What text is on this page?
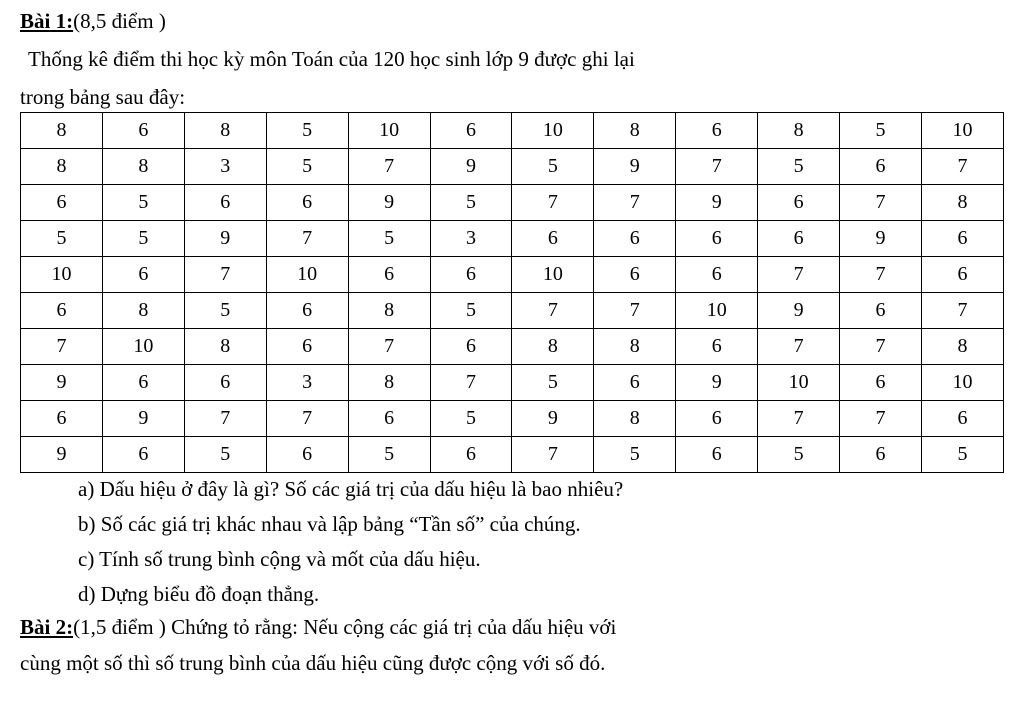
Bài 1:(8,5 điểm )
Thống kê điểm thi học kỳ môn Toán của 120 học sinh lớp 9 được ghi lại
trong bảng sau đây:
8	6	8	5	10	6	10	8	6	8	5	10
8	8	3	5	7	9	5	9	7	5	6	7
6	5	6	6	9	5	7	7	9	6	7	8
5	5	9	7	5	3	6	6	6	6	9	6
10	6	7	10	6	6	10	6	6	7	7	6
6	8	5	6	8	5	7	7	10	9	6	7
7	10	8	6	7	6	8	8	6	7	7	8
9	6	6	3	8	7	5	6	9	10	6	10
6	9	7	7	6	5	9	8	6	7	7	6
9	6	5	6	5	6	7	5	6	5	6	5
a) Dấu hiệu ở đây là gì? Số các giá trị của dấu hiệu là bao nhiêu?
b) Số các giá trị khác nhau và lập bảng “Tần số” của chúng.
c) Tính số trung bình cộng và mốt của dấu hiệu.
d) Dựng biểu đồ đoạn thẳng.
Bài 2:(1,5 điểm ) Chứng tỏ rằng: Nếu cộng các giá trị của dấu hiệu với
cùng một số thì số trung bình của dấu hiệu cũng được cộng với số đó.
